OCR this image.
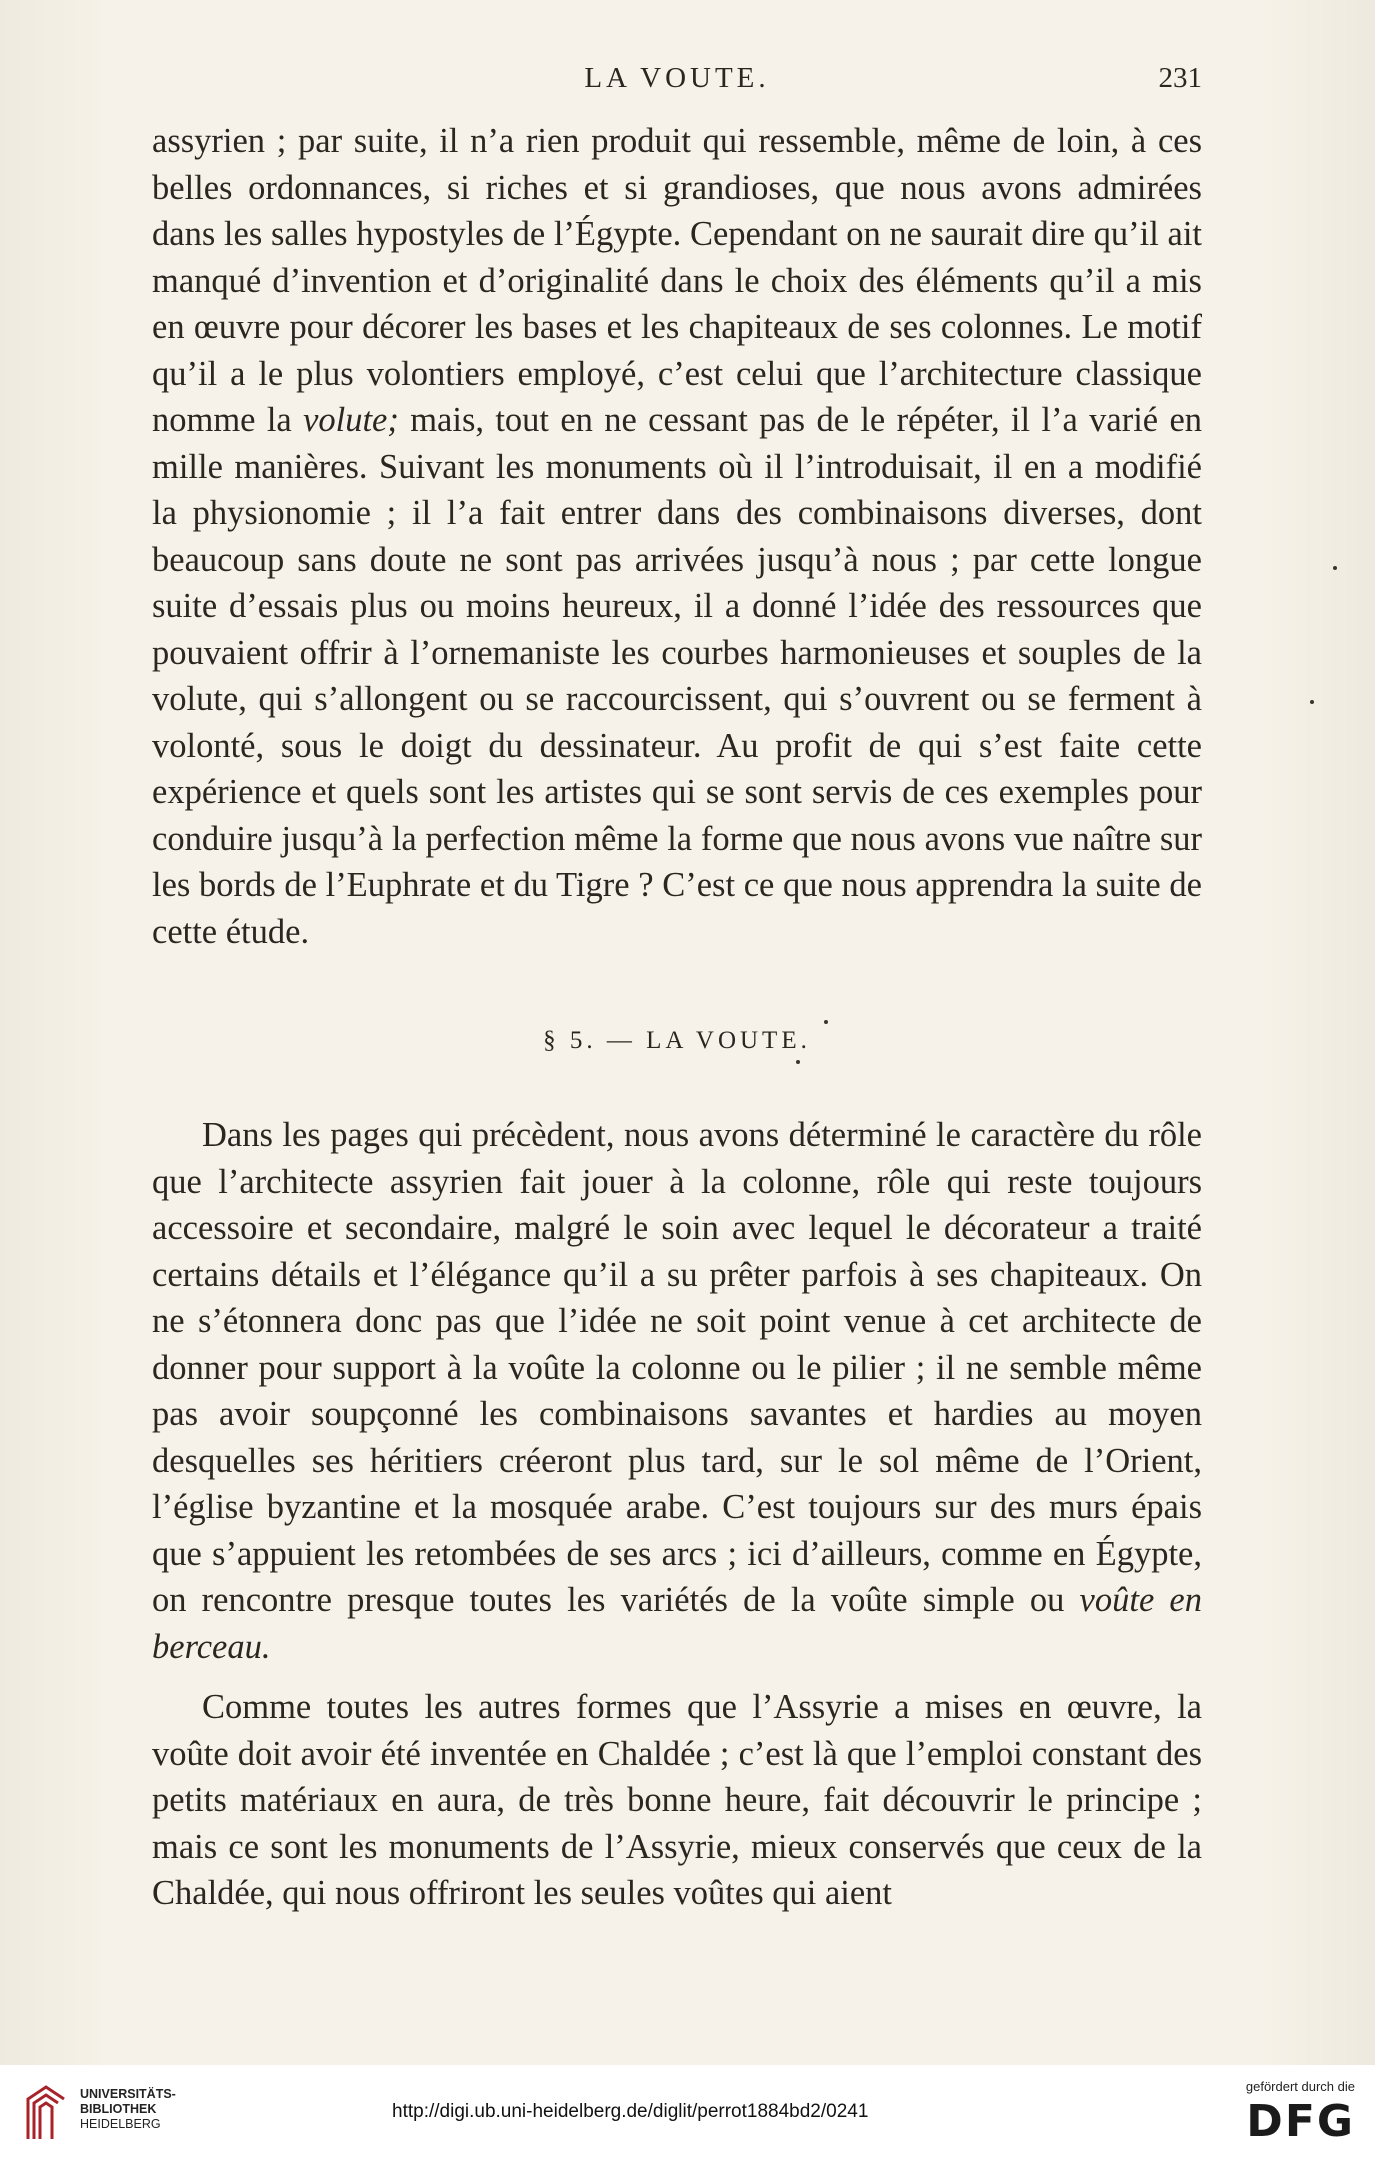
LA VOUTE.	231

assyrien ; par suite, il n’a rien produit qui ressemble, même de loin, à ces belles ordonnances, si riches et si grandioses, que nous avons admirées dans les salles hypostyles de l’Égypte. Cependant on ne saurait dire qu’il ait manqué d’invention et d’originalité dans le choix des éléments qu’il a mis en œuvre pour décorer les bases et les chapiteaux de ses colonnes. Le motif qu’il a le plus volontiers employé, c’est celui que l’architecture classique nomme la volute; mais, tout en ne cessant pas de le répéter, il l’a varié en mille manières. Suivant les monuments où il l’introduisait, il en a modifié la physionomie ; il l’a fait entrer dans des combinaisons diverses, dont beaucoup sans doute ne sont pas arrivées jusqu’à nous ; par cette longue suite d’essais plus ou moins heureux, il a donné l’idée des ressources que pouvaient offrir à l’ornemaniste les courbes harmonieuses et souples de la volute, qui s’allongent ou se raccourcissent, qui s’ouvrent ou se ferment à volonté, sous le doigt du dessinateur. Au profit de qui s’est faite cette expérience et quels sont les artistes qui se sont servis de ces exemples pour conduire jusqu’à la perfection même la forme que nous avons vue naître sur les bords de l’Euphrate et du Tigre ? C’est ce que nous apprendra la suite de cette étude.

§ 5. — LA VOUTE.

Dans les pages qui précèdent, nous avons déterminé le caractère du rôle que l’architecte assyrien fait jouer à la colonne, rôle qui reste toujours accessoire et secondaire, malgré le soin avec lequel le décorateur a traité certains détails et l’élégance qu’il a su prêter parfois à ses chapiteaux. On ne s’étonnera donc pas que l’idée ne soit point venue à cet architecte de donner pour support à la voûte la colonne ou le pilier ; il ne semble même pas avoir soupçonné les combinaisons savantes et hardies au moyen desquelles ses héritiers créeront plus tard, sur le sol même de l’Orient, l’église byzantine et la mosquée arabe. C’est toujours sur des murs épais que s’appuient les retombées de ses arcs ; ici d’ailleurs, comme en Égypte, on rencontre presque toutes les variétés de la voûte simple ou voûte en berceau.

Comme toutes les autres formes que l’Assyrie a mises en œuvre, la voûte doit avoir été inventée en Chaldée ; c’est là que l’emploi constant des petits matériaux en aura, de très bonne heure, fait découvrir le principe ; mais ce sont les monuments de l’Assyrie, mieux conservés que ceux de la Chaldée, qui nous offriront les seules voûtes qui aient

UNIVERSITÄTS-
BIBLIOTHEK
HEIDELBERG
http://digi.ub.uni-heidelberg.de/diglit/perrot1884bd2/0241
gefördert durch die
DFG
